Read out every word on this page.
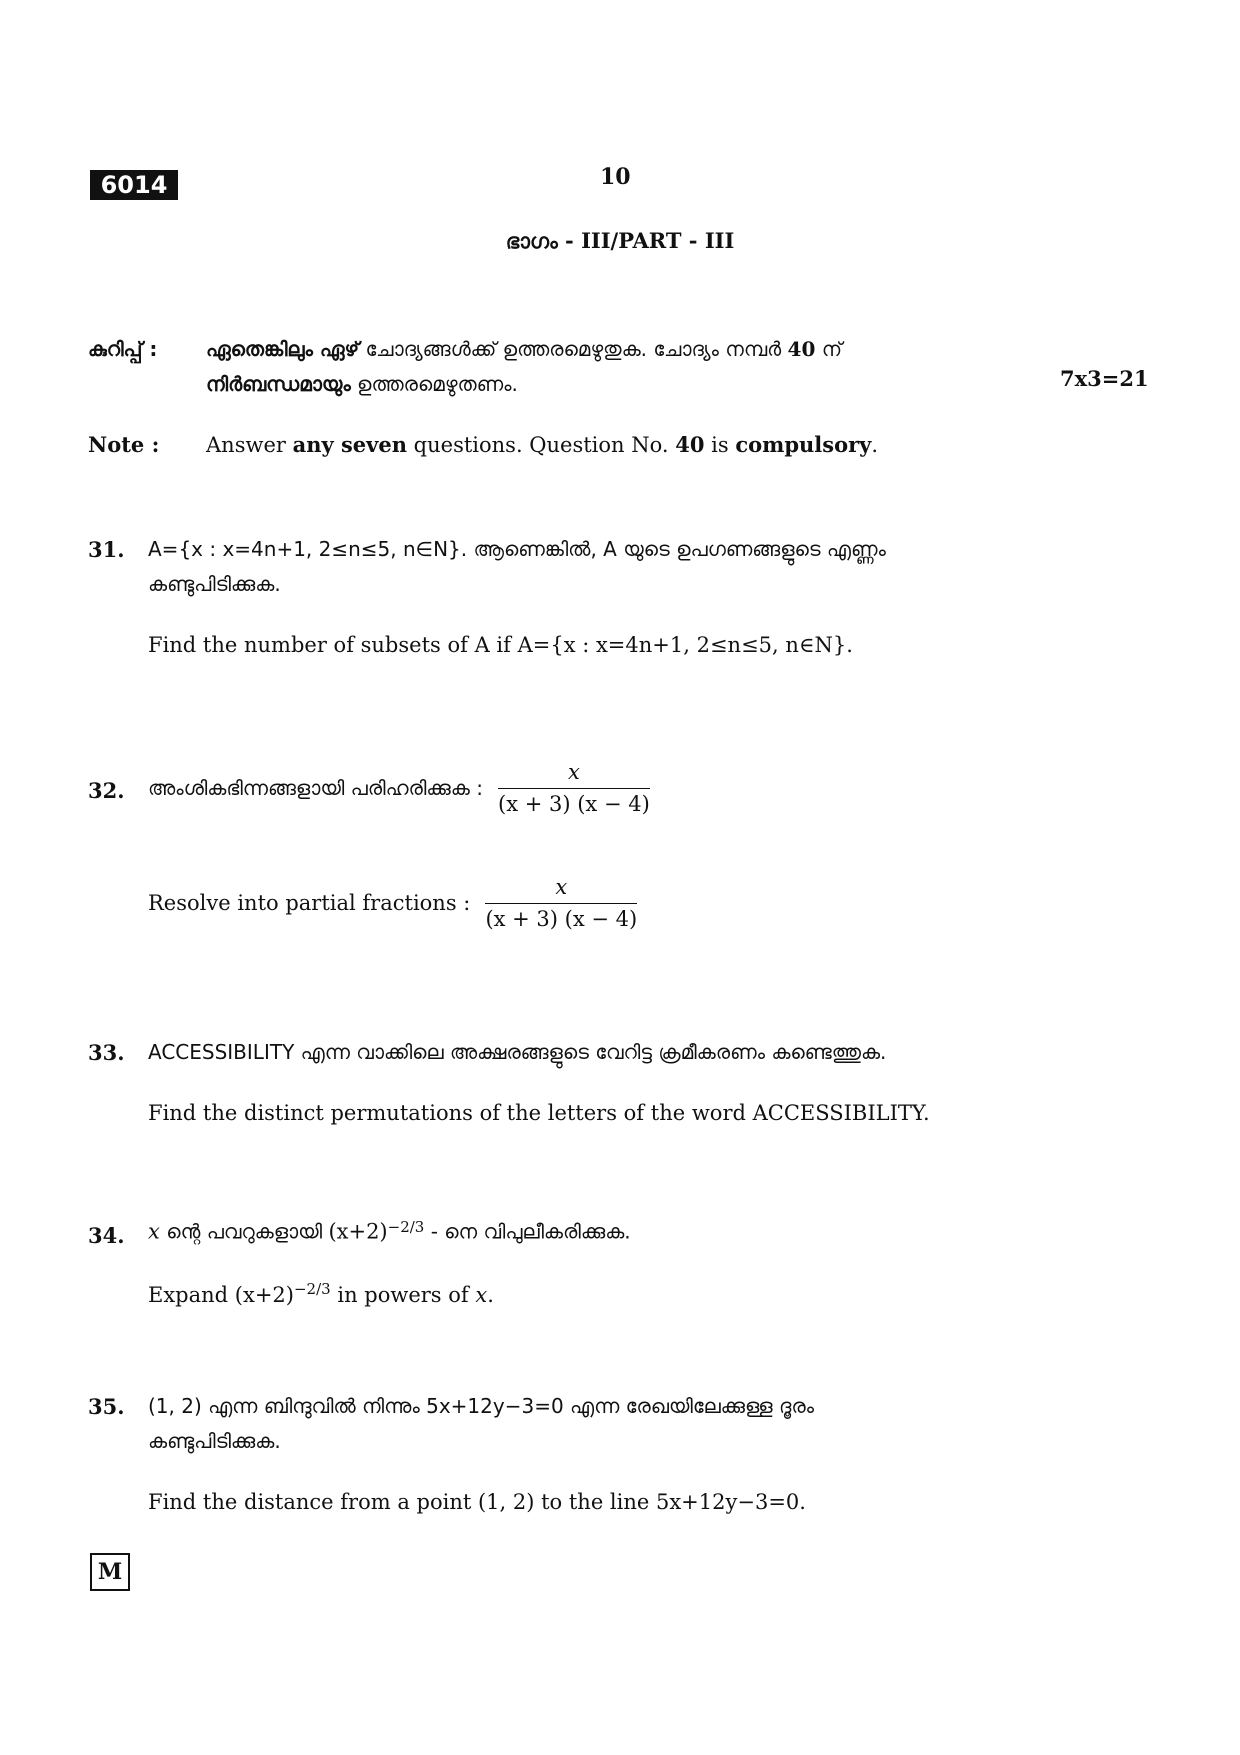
6014	10
ഭാഗം - III/PART - III
കുറിപ്പ് : ഏതെങ്കിലും ഏഴ് ചോദ്യങ്ങൾക്ക് ഉത്തരമെഴുതുക. ചോദ്യം നമ്പർ 40 ന്
നിർബന്ധമായും ഉത്തരമെഴുതണം.	7x3=21
Note : Answer any seven questions. Question No. 40 is compulsory.
31. A={x : x=4n+1, 2≤n≤5, n∈N}. ആണെങ്കിൽ, A യുടെ ഉപഗണങ്ങളുടെ എണ്ണം
കണ്ടുപിടിക്കുക.
Find the number of subsets of A if A={x : x=4n+1, 2≤n≤5, n∈N}.
32. അംശികഭിന്നങ്ങളായി പരിഹരിക്കുക : $\frac{x}{(x + 3) (x - 4)}$
Resolve into partial fractions : $\frac{x}{(x + 3) (x - 4)}$
33. ACCESSIBILITY എന്ന വാക്കിലെ അക്ഷരങ്ങളുടെ വേറിട്ട ക്രമീകരണം കണ്ടെത്തുക.
Find the distinct permutations of the letters of the word ACCESSIBILITY.
34. x ന്റെ പവറുകളായി $(x+2)^{-2/3}$ - നെ വിപുലീകരിക്കുക.
Expand $(x+2)^{-2/3}$ in powers of x.
35. (1, 2) എന്ന ബിന്ദുവിൽ നിന്നും 5x+12y−3=0 എന്ന രേഖയിലേക്കുള്ള ദൂരം
കണ്ടുപിടിക്കുക.
Find the distance from a point (1, 2) to the line 5x+12y−3=0.
M
